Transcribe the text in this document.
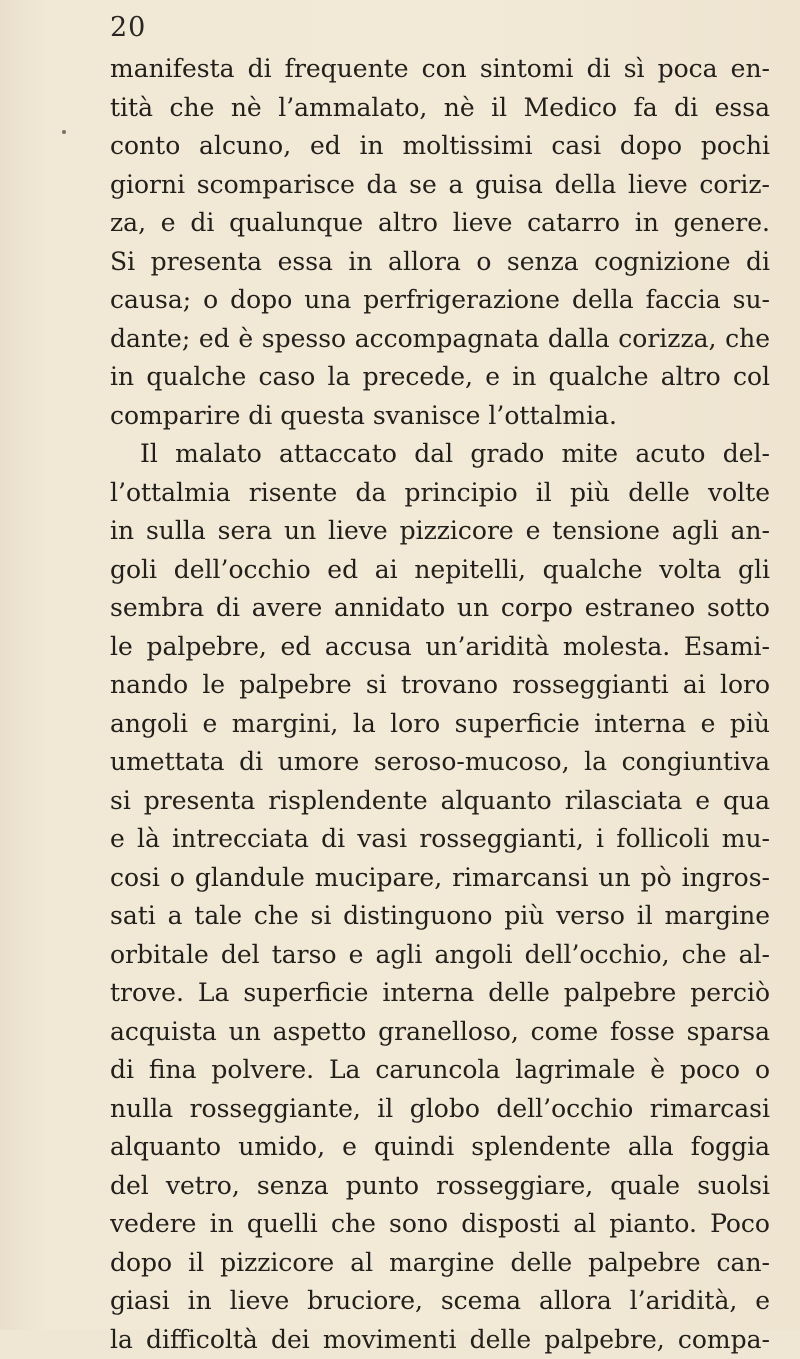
20
manifesta di frequente con sintomi di sì poca en-
tità che nè l’ammalato, nè il Medico fa di essa
conto alcuno, ed in moltissimi casi dopo pochi
giorni scomparisce da se a guisa della lieve coriz-
za, e di qualunque altro lieve catarro in genere.
Si presenta essa in allora o senza cognizione di
causa; o dopo una perfrigerazione della faccia su-
dante; ed è spesso accompagnata dalla corizza, che
in qualche caso la precede, e in qualche altro col
comparire di questa svanisce l’ottalmia.
Il malato attaccato dal grado mite acuto del-
l’ottalmia risente da principio il più delle volte
in sulla sera un lieve pizzicore e tensione agli an-
goli dell’occhio ed ai nepitelli, qualche volta gli
sembra di avere annidato un corpo estraneo sotto
le palpebre, ed accusa un’aridità molesta. Esami-
nando le palpebre si trovano rosseggianti ai loro
angoli e margini, la loro superficie interna e più
umettata di umore seroso-mucoso, la congiuntiva
si presenta risplendente alquanto rilasciata e qua
e là intrecciata di vasi rosseggianti, i follicoli mu-
cosi o glandule mucipare, rimarcansi un pò ingros-
sati a tale che si distinguono più verso il margine
orbitale del tarso e agli angoli dell’occhio, che al-
trove. La superficie interna delle palpebre perciò
acquista un aspetto granelloso, come fosse sparsa
di fina polvere. La caruncola lagrimale è poco o
nulla rosseggiante, il globo dell’occhio rimarcasi
alquanto umido, e quindi splendente alla foggia
del vetro, senza punto rosseggiare, quale suolsi
vedere in quelli che sono disposti al pianto. Poco
dopo il pizzicore al margine delle palpebre can-
giasi in lieve bruciore, scema allora l’aridità, e
la difficoltà dei movimenti delle palpebre, compa-
